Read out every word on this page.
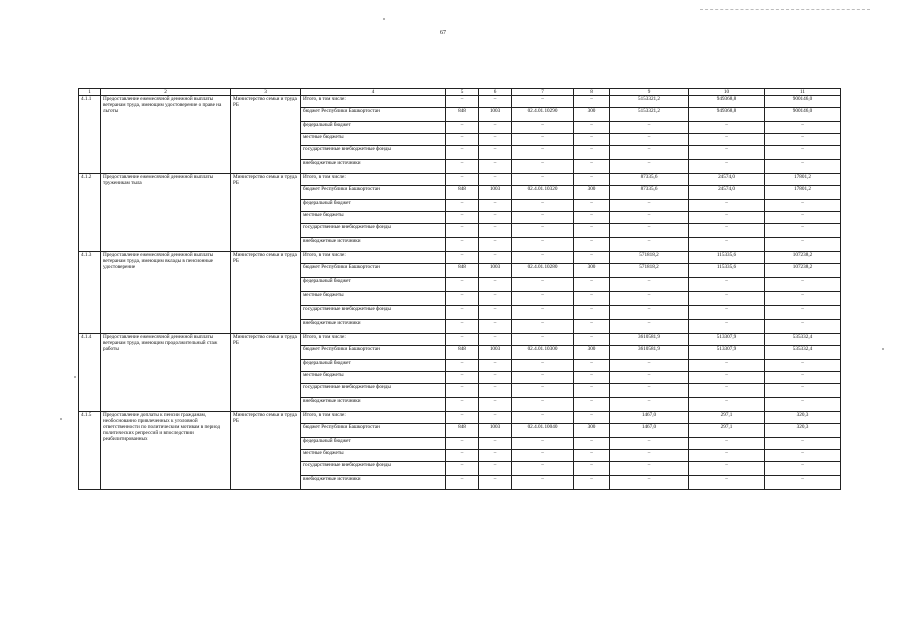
67
1	2	3	4	5	6	7	8	9	10	11
4.1.1	Предоставление ежемесячной денежной выплаты ветеранам труда, имеющим удостоверение о праве на льготы	Министерство семьи и труда РБ	Итого, в том числе:	–	–	–	–	5153321,2	949368,8	900146,0
			бюджет Республики Башкортостан	848	1003	02.4.01.10290	300	5153321,2	949368,8	900146,0
			федеральный бюджет	–	–	–	–	–	–	–
			местные бюджеты	–	–	–	–	–	–	–
			государственные внебюджетные фонды	–	–	–	–	–	–	–
			внебюджетные источники	–	–	–	–	–	–	–
4.1.2	Предоставление ежемесячной денежной выплаты труженикам тыла	Министерство семьи и труда РБ	Итого, в том числе:	–	–	–	–	87335,6	24574,0	17801,2
			бюджет Республики Башкортостан	848	1003	02.4.01.10320	300	87335,6	24574,0	17801,2
			федеральный бюджет	–	–	–	–	–	–	–
			местные бюджеты	–	–	–	–	–	–	–
			государственные внебюджетные фонды	–	–	–	–	–	–	–
			внебюджетные источники	–	–	–	–	–	–	–
4.1.3	Предоставление ежемесячной денежной выплаты ветеранам труда, имеющим вклады в пенсионные удостоверение	Министерство семьи и труда РБ	Итого, в том числе:	–	–	–	–	571818,2	115335,6	107238,2
			бюджет Республики Башкортостан	848	1003	02.4.01.10280	300	571818,2	115335,6	107238,2
			федеральный бюджет	–	–	–	–	–	–	–
			местные бюджеты	–	–	–	–	–	–	–
			государственные внебюджетные фонды	–	–	–	–	–	–	–
			внебюджетные источники	–	–	–	–	–	–	–
4.1.4	Предоставление ежемесячной денежной выплаты ветеранам труда, имеющим продолжительный стаж работы	Министерство семьи и труда РБ	Итого, в том числе:	–	–	–	–	3610581,9	513307,9	535332,4
			бюджет Республики Башкортостан	848	1003	02.4.01.10300	300	3610581,9	513307,9	535332,4
			федеральный бюджет	–	–	–	–	–	–	–
			местные бюджеты	–	–	–	–	–	–	–
			государственные внебюджетные фонды	–	–	–	–	–	–	–
			внебюджетные источники	–	–	–	–	–	–	–
4.1.5	Предоставление доплаты к пенсии гражданам, необоснованно привлеченных к уголовной ответственности по политическим мотивам в период политических репрессий и впоследствии реабилитированных	Министерство семьи и труда РБ	Итого, в том числе:	–	–	–	–	1467,0	297,1	320,3
			бюджет Республики Башкортостан	848	1003	02.4.01.10040	300	1467,0	297,1	320,3
			федеральный бюджет	–	–	–	–	–	–	–
			местные бюджеты	–	–	–	–	–	–	–
			государственные внебюджетные фонды	–	–	–	–	–	–	–
			внебюджетные источники	–	–	–	–	–	–	–
